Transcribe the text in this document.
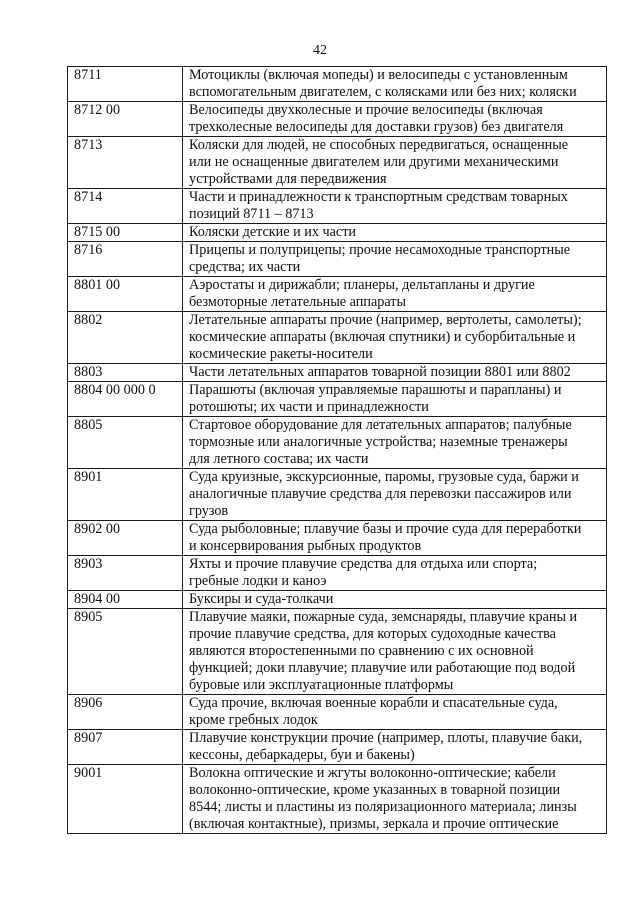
42
8711	Мотоциклы (включая мопеды) и велосипеды с установленным
вспомогательным двигателем, с колясками или без них; коляски

8712 00	Велосипеды двухколесные и прочие велосипеды (включая
трехколесные велосипеды для доставки грузов) без двигателя

8713	Коляски для людей, не способных передвигаться, оснащенные
или не оснащенные двигателем или другими механическими
устройствами для передвижения

8714	Части и принадлежности к транспортным средствам товарных
позиций 8711 – 8713

8715 00	Коляски детские и их части

8716	Прицепы и полуприцепы; прочие несамоходные транспортные
средства; их части

8801 00	Аэростаты и дирижабли; планеры, дельтапланы и другие
безмоторные летательные аппараты

8802	Летательные аппараты прочие (например, вертолеты, самолеты);
космические аппараты (включая спутники) и суборбитальные и
космические ракеты-носители

8803	Части летательных аппаратов товарной позиции 8801 или 8802

8804 00 000 0	Парашюты (включая управляемые парашюты и парапланы) и
ротошюты; их части и принадлежности

8805	Стартовое оборудование для летательных аппаратов; палубные
тормозные или аналогичные устройства; наземные тренажеры
для летного состава; их части

8901	Суда круизные, экскурсионные, паромы, грузовые суда, баржи и
аналогичные плавучие средства для перевозки пассажиров или
грузов

8902 00	Суда рыболовные; плавучие базы и прочие суда для переработки
и консервирования рыбных продуктов

8903	Яхты и прочие плавучие средства для отдыха или спорта;
гребные лодки и каноэ

8904 00	Буксиры и суда-толкачи

8905	Плавучие маяки, пожарные суда, земснаряды, плавучие краны и
прочие плавучие средства, для которых судоходные качества
являются второстепенными по сравнению с их основной
функцией; доки плавучие; плавучие или работающие под водой
буровые или эксплуатационные платформы

8906	Суда прочие, включая военные корабли и спасательные суда,
кроме гребных лодок

8907	Плавучие конструкции прочие (например, плоты, плавучие баки,
кессоны, дебаркадеры, буи и бакены)

9001	Волокна оптические и жгуты волоконно-оптические; кабели
волоконно-оптические, кроме указанных в товарной позиции
8544; листы и пластины из поляризационного материала; линзы
(включая контактные), призмы, зеркала и прочие оптические
